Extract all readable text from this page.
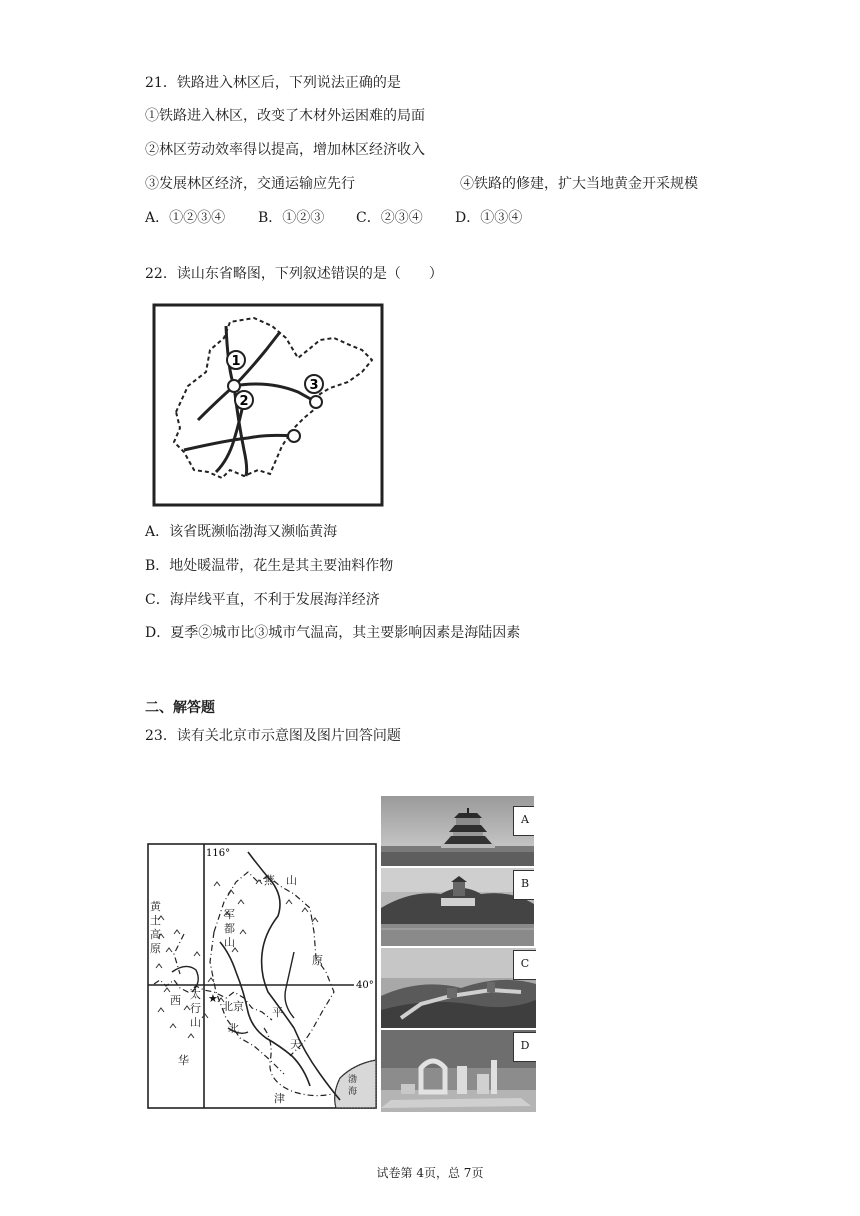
21．铁路进入林区后，下列说法正确的是
①铁路进入林区，改变了木材外运困难的局面
②林区劳动效率得以提高，增加林区经济收入
③发展林区经济，交通运输应先行	④铁路的修建，扩大当地黄金开采规模
A．①②③④ B．①②③ C．②③④ D．①③④
22．读山东省略图，下列叙述错误的是（　　）
1
2
3
A．该省既濒临渤海又濒临黄海
B．地处暖温带，花生是其主要油料作物
C．海岸线平直，不利于发展海洋经济
D．夏季②城市比③城市气温高，其主要影响因素是海陆因素
二、解答题
23．读有关北京市示意图及图片回答问题
116°
40°
黄
土
高
原
军
都
山
燕　山
西 太
行
山
原
平
北京
北
华
天
津
渤
海
★
A
B
C
D
试卷第 4页，总 7页
